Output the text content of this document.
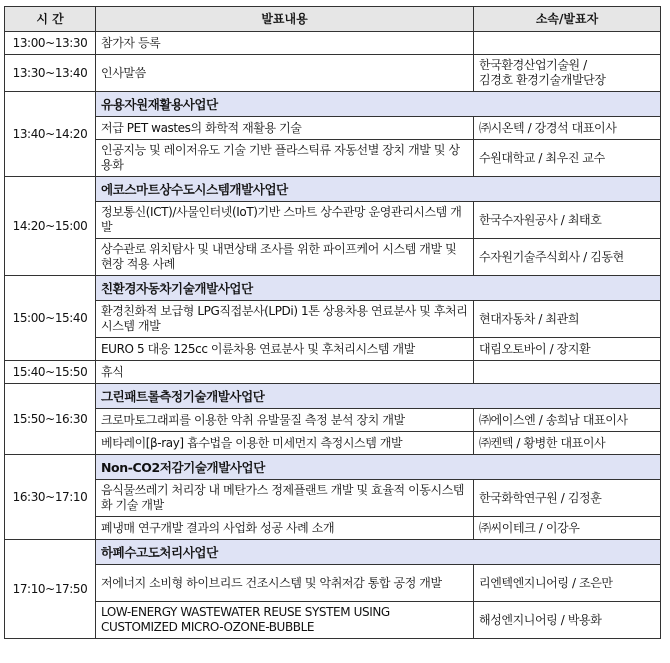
시 간	발표내용	소속/발표자
13:00~13:30	참가자 등록	
13:30~13:40	인사말씀	한국환경산업기술원 /
김경호 환경기술개발단장

13:40~14:20	유용자원재활용사업단	
	저급 PET wastes의 화학적 재활용 기술	㈜시온텍 / 강경석 대표이사
	인공지능 및 레이저유도 기술 기반 플라스틱류 자동선별 장치 개발 및 상용화	수원대학교 / 최우진 교수
14:20~15:00	에코스마트상수도시스템개발사업단	
	정보통신(ICT)/사물인터넷(IoT)기반 스마트 상수관망 운영관리시스템 개발	한국수자원공사 / 최태호
	상수관로 위치탐사 및 내면상태 조사를 위한 파이프케어 시스템 개발 및 현장 적용 사례	수자원기술주식회사 / 김동현
15:00~15:40	친환경자동차기술개발사업단	
	환경친화적 보급형 LPG직접분사(LPDi) 1톤 상용차용 연료분사 및 후처리시스템 개발	현대자동차 / 최관희
	EURO 5 대응 125cc 이륜차용 연료분사 및 후처리시스템 개발	대림오토바이 / 장지환
15:40~15:50	휴식	
15:50~16:30	그린패트롤측정기술개발사업단	
	크로마토그래피를 이용한 악취 유발물질 측정 분석 장치 개발	㈜에이스엔 / 송희남 대표이사
	베타레이[β-ray] 흡수법을 이용한 미세먼지 측정시스템 개발	㈜켄텍 / 황병한 대표이사
16:30~17:10	Non-CO2저감기술개발사업단	
	음식물쓰레기 처리장 내 메탄가스 정제플랜트 개발 및 효율적 이동시스템화 기술 개발	한국화학연구원 / 김정훈
	폐냉매 연구개발 결과의 사업화 성공 사례 소개	㈜씨이테크 / 이강우
17:10~17:50	하폐수고도처리사업단	
	저에너지 소비형 하이브리드 건조시스템 및 악취저감 통합 공정 개발	리엔텍엔지니어링 / 조은만
	LOW-ENERGY WASTEWATER REUSE SYSTEM USING CUSTOMIZED MICRO-OZONE-BUBBLE	해성엔지니어링 / 박용화
